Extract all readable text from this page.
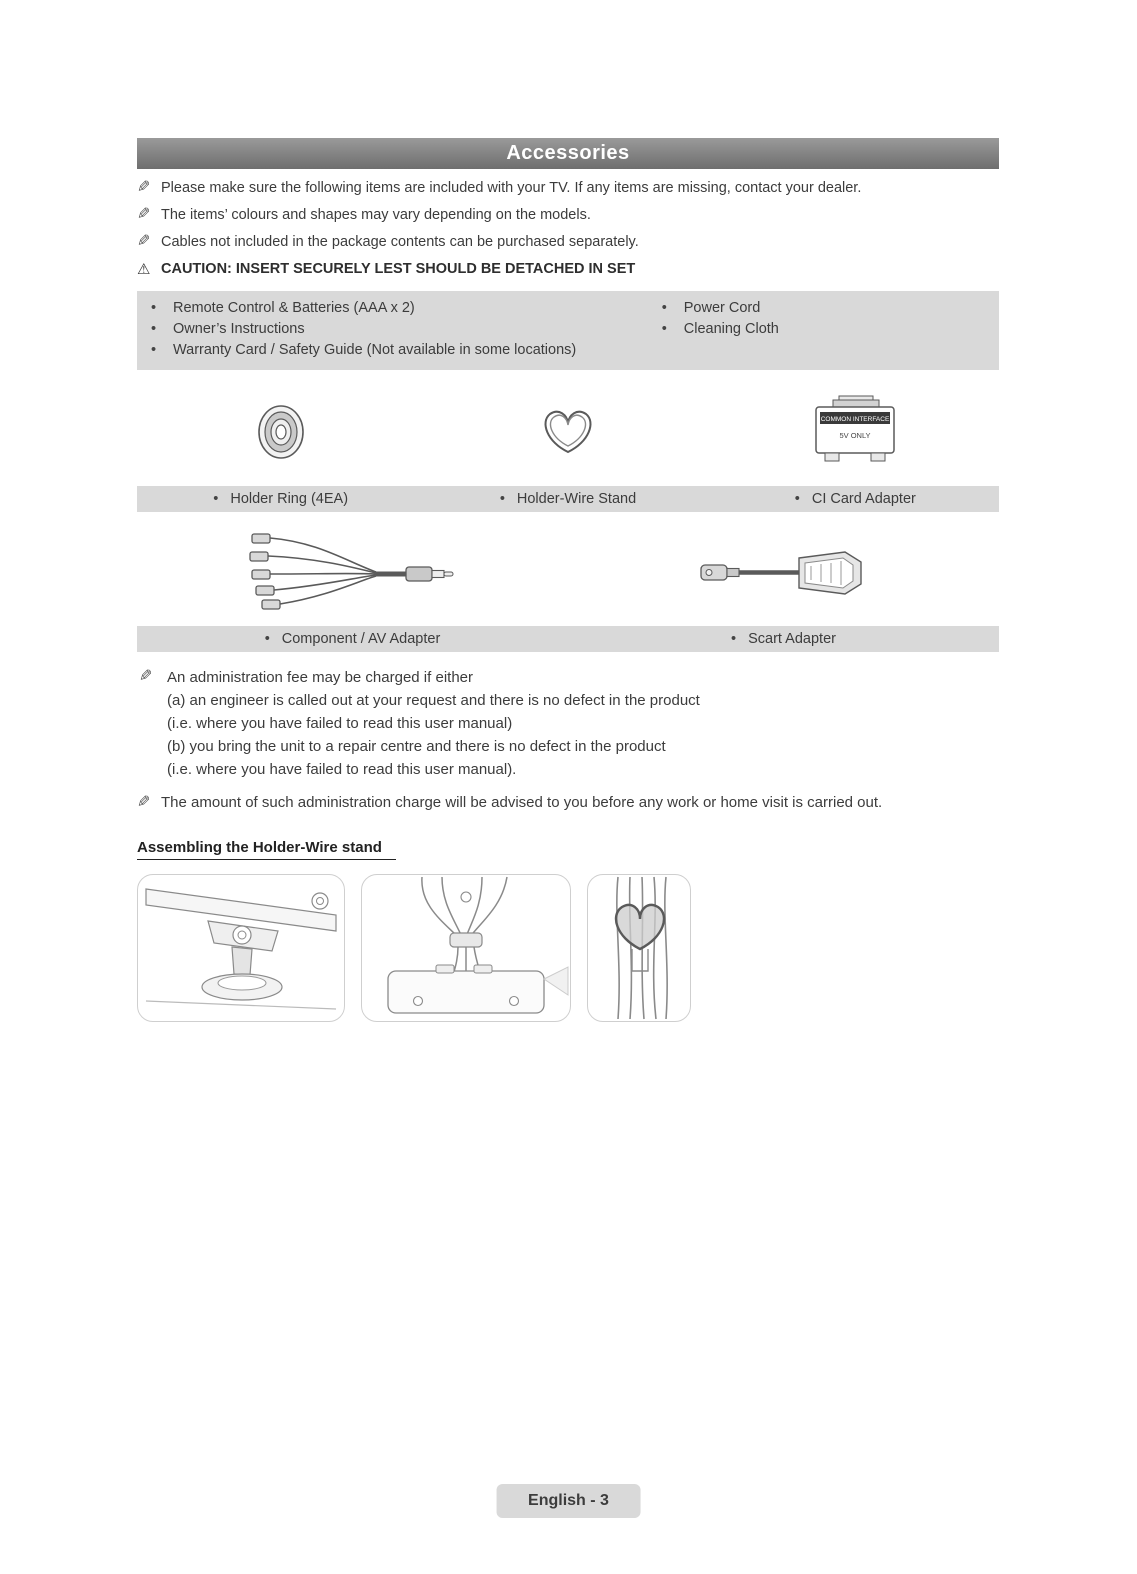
Accessories
✎
Please make sure the following items are included with your TV. If any items are missing, contact your dealer.
✎
The items’ colours and shapes may vary depending on the models.
✎
Cables not included in the package contents can be purchased separately.
⚠
CAUTION: INSERT SECURELY LEST SHOULD BE DETACHED IN SET
• Remote Control & Batteries (AAA x 2)
• Owner’s Instructions
• Warranty Card / Safety Guide (Not available in some locations)
• Power Cord
• Cleaning Cloth
COMMON INTERFACE
5V ONLY
• Holder Ring (4EA)	• Holder-Wire Stand	• CI Card Adapter
• Component / AV Adapter	• Scart Adapter
✎
An administration fee may be charged if either
(a) an engineer is called out at your request and there is no defect in the product
(i.e. where you have failed to read this user manual)
(b) you bring the unit to a repair centre and there is no defect in the product
(i.e. where you have failed to read this user manual).
✎
The amount of such administration charge will be advised to you before any work or home visit is carried out.
Assembling the Holder-Wire stand
English - 3
